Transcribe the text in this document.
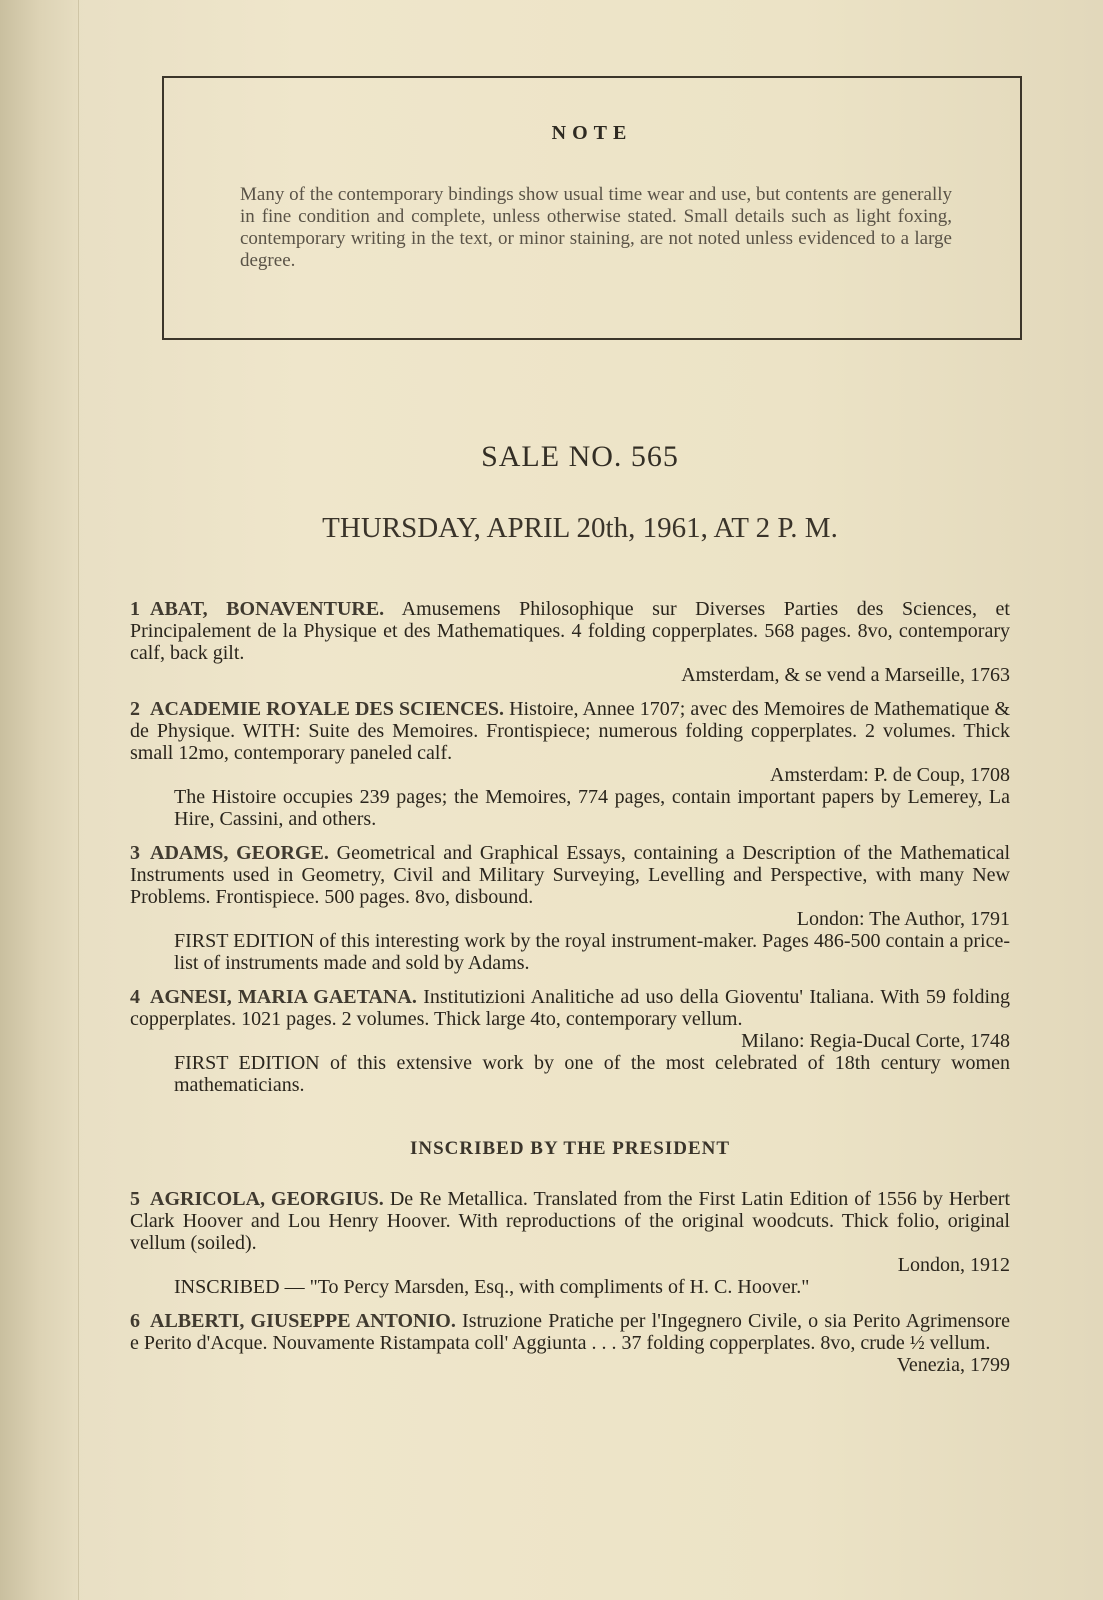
NOTE
Many of the contemporary bindings show usual time wear and use, but contents are generally in fine condition and complete, unless otherwise stated. Small details such as light foxing, contemporary writing in the text, or minor staining, are not noted unless evidenced to a large degree.
SALE NO. 565
THURSDAY, APRIL 20th, 1961, AT 2 P. M.
1 ABAT, BONAVENTURE. Amusemens Philosophique sur Diverses Parties des Sciences, et Principalement de la Physique et des Mathematiques. 4 folding copperplates. 568 pages. 8vo, contemporary calf, back gilt.
Amsterdam, & se vend a Marseille, 1763
2 ACADEMIE ROYALE DES SCIENCES. Histoire, Annee 1707; avec des Memoires de Mathematique & de Physique. WITH: Suite des Memoires. Frontispiece; numerous folding copperplates. 2 volumes. Thick small 12mo, contemporary paneled calf.
Amsterdam: P. de Coup, 1708
The Histoire occupies 239 pages; the Memoires, 774 pages, contain important papers by Lemerey, La Hire, Cassini, and others.
3 ADAMS, GEORGE. Geometrical and Graphical Essays, containing a Description of the Mathematical Instruments used in Geometry, Civil and Military Surveying, Levelling and Perspective, with many New Problems. Frontispiece. 500 pages. 8vo, disbound.
London: The Author, 1791
FIRST EDITION of this interesting work by the royal instrument-maker. Pages 486-500 contain a price-list of instruments made and sold by Adams.
4 AGNESI, MARIA GAETANA. Institutizioni Analitiche ad uso della Gioventu' Italiana. With 59 folding copperplates. 1021 pages. 2 volumes. Thick large 4to, contemporary vellum.
Milano: Regia-Ducal Corte, 1748
FIRST EDITION of this extensive work by one of the most celebrated of 18th century women mathematicians.
INSCRIBED BY THE PRESIDENT
5 AGRICOLA, GEORGIUS. De Re Metallica. Translated from the First Latin Edition of 1556 by Herbert Clark Hoover and Lou Henry Hoover. With reproductions of the original woodcuts. Thick folio, original vellum (soiled).
London, 1912
INSCRIBED — "To Percy Marsden, Esq., with compliments of H. C. Hoover."
6 ALBERTI, GIUSEPPE ANTONIO. Istruzione Pratiche per l'Ingegnero Civile, o sia Perito Agrimensore e Perito d'Acque. Nouvamente Ristampata coll' Aggiunta . . . 37 folding copperplates. 8vo, crude ½ vellum.
Venezia, 1799
